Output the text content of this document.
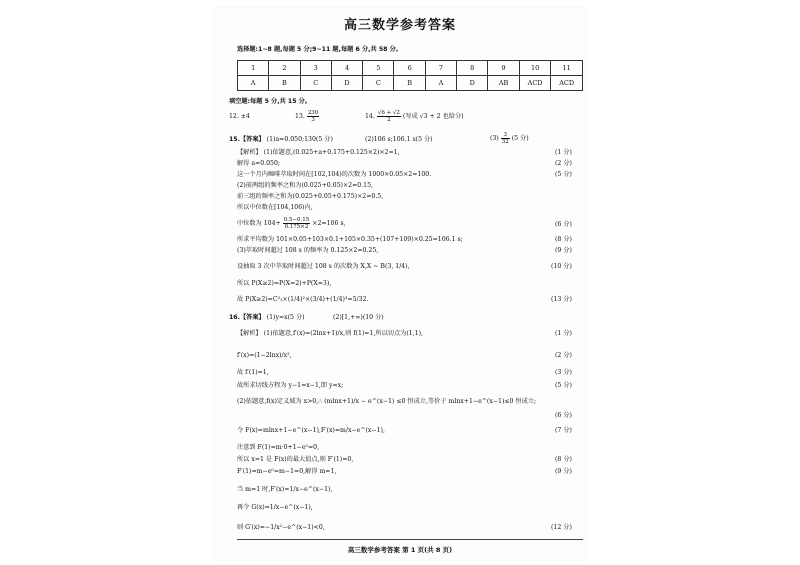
高三数学参考答案
选择题:1~8 题,每题 5 分;9~11 题,每题 6 分,共 58 分。
1	2	3	4	5	6	7	8	9	10	11
A	B	C	D	C	B	A	D	AB	ACD	ACD
填空题:每题 5 分,共 15 分。
12. ±4	13. $\frac{230}{3}$	14. $\frac{√6 + √2}{2}$ (写成 √3 + 2 也给分)
15.【答案】 (1)a=0.050;130(5 分)	(2)106 s;106.1 s(5 分)	$(3) \frac{3}{32} (5$ 分)
【解析】 (1)依题意,(0.025+a+0.175+0.125×2)×2=1,	(1 分)
解得 a=0.050;	(2 分)
这一个月内咖啡萃取时间在[102,104)的次数为 1000×0.05×2=100.	(5 分)
(2)前两组的频率之和为(0.025+0.05)×2=0.15,
前三组的频率之和为(0.025+0.05+0.175)×2=0.5,
所以中位数在[104,106)内,
中位数为 $104+ \frac{0.5-0.15}{0.175\times 2} \times 2=106$ s,	(6 分)
所求平均数为 101×0.05+103×0.1+105×0.35+(107+109)×0.25=106.1 s;	(8 分)
(3)萃取时间超过 108 s 的频率为 0.125×2=0.25,	(9 分)
设抽取 3 次中萃取时间超过 108 s 的次数为 X,X ~ B(3, 1/4),	(10 分)
所以 P(X≥2)=P(X=2)+P(X=3),
故 P(X≥2)=C²₃×(1/4)²×(3/4)+(1/4)³=5/32.	(13 分)
16.【答案】 (1)y=x(5 分)	(2)[1,+∞)(10 分)
【解析】 (1)依题意,f′(x)=(2lnx+1)/x,则 f(1)=1,所以切点为(1,1),	(1 分)
f′(x)=(1−2lnx)/x²,	(2 分)
故 f′(1)=1,	(3 分)
故所求切线方程为 y−1=x−1,即 y=x;	(5 分)
(2)依题意,f(x)定义域为 x>0,∴ (mlnx+1)/x − e^(x−1) ≤0 恒成立,等价于 mlnx+1−e^(x−1)≤0 恒成立;
(6 分)
令 F(x)=mlnx+1−e^(x−1),F′(x)=m/x−e^(x−1),	(7 分)
注意到 F(1)=m·0+1−e⁰=0,
所以 x=1 是 F(x)的最大值点,则 F′(1)=0,	(8 分)
F′(1)=m−e⁰=m−1=0,解得 m=1,	(9 分)
当 m=1 时,F′(x)=1/x−e^(x−1),
再令 G(x)=1/x−e^(x−1),
则 G′(x)=−1/x²−e^(x−1)<0,	(12 分)
高三数学参考答案 第 1 页(共 8 页)
